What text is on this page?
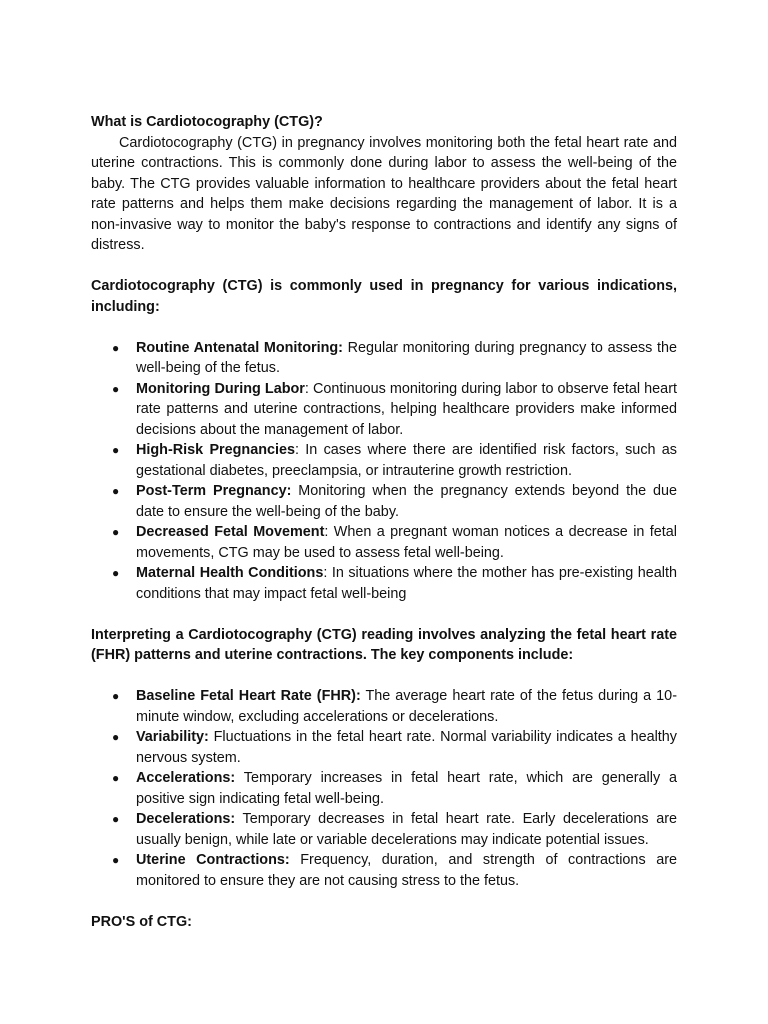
What is Cardiotocography (CTG)?

Cardiotocography (CTG) in pregnancy involves monitoring both the fetal heart rate and uterine contractions. This is commonly done during labor to assess the well-being of the baby. The CTG provides valuable information to healthcare providers about the fetal heart rate patterns and helps them make decisions regarding the management of labor. It is a non-invasive way to monitor the baby's response to contractions and identify any signs of distress.

Cardiotocography (CTG) is commonly used in pregnancy for various indications, including:

● Routine Antenatal Monitoring: Regular monitoring during pregnancy to assess the well-being of the fetus.
● Monitoring During Labor: Continuous monitoring during labor to observe fetal heart rate patterns and uterine contractions, helping healthcare providers make informed decisions about the management of labor.
● High-Risk Pregnancies: In cases where there are identified risk factors, such as gestational diabetes, preeclampsia, or intrauterine growth restriction.
● Post-Term Pregnancy: Monitoring when the pregnancy extends beyond the due date to ensure the well-being of the baby.
● Decreased Fetal Movement: When a pregnant woman notices a decrease in fetal movements, CTG may be used to assess fetal well-being.
● Maternal Health Conditions: In situations where the mother has pre-existing health conditions that may impact fetal well-being

Interpreting a Cardiotocography (CTG) reading involves analyzing the fetal heart rate (FHR) patterns and uterine contractions. The key components include:

● Baseline Fetal Heart Rate (FHR): The average heart rate of the fetus during a 10-minute window, excluding accelerations or decelerations.
● Variability: Fluctuations in the fetal heart rate. Normal variability indicates a healthy nervous system.
● Accelerations: Temporary increases in fetal heart rate, which are generally a positive sign indicating fetal well-being.
● Decelerations: Temporary decreases in fetal heart rate. Early decelerations are usually benign, while late or variable decelerations may indicate potential issues.
● Uterine Contractions: Frequency, duration, and strength of contractions are monitored to ensure they are not causing stress to the fetus.

PRO'S of CTG:
